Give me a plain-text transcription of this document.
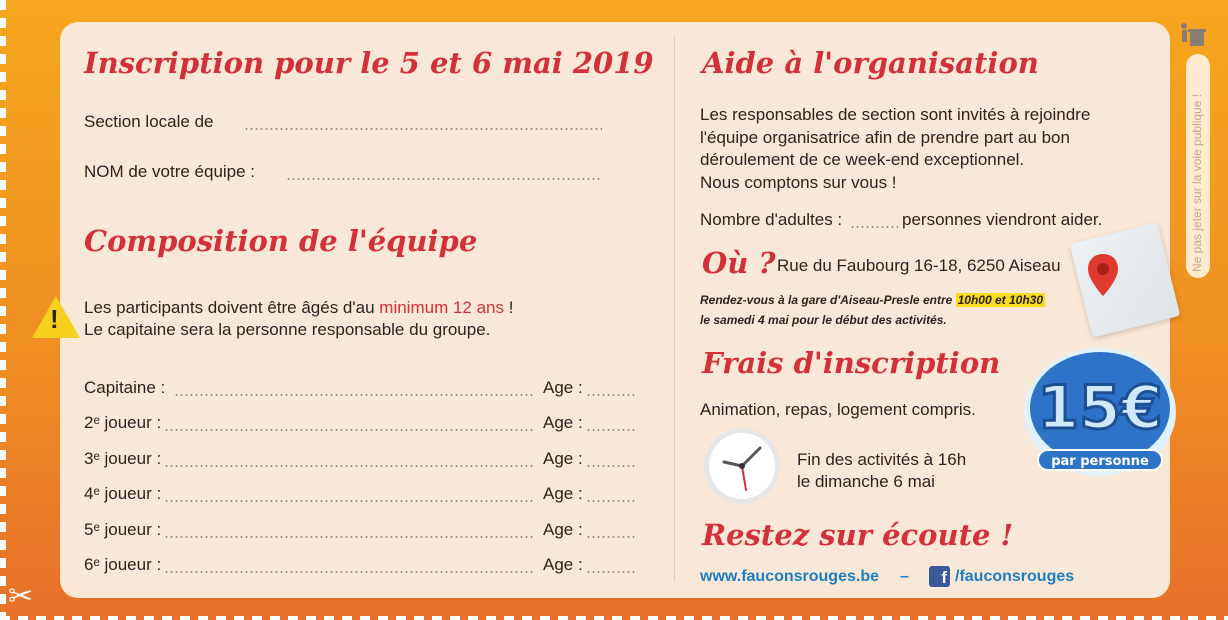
✂
Inscription pour le 5 et 6 mai 2019
Section locale de
NOM de votre équipe :
Composition de l'équipe
! Les participants doivent être âgés d'au minimum 12 ans !
Le capitaine sera la personne responsable du groupe.
Capitaine :	Age :
2ᵉ joueur :	Age :
3ᵉ joueur :	Age :
4ᵉ joueur :	Age :
5ᵉ joueur :	Age :
6ᵉ joueur :	Age :
Aide à l'organisation
Les responsables de section sont invités à rejoindre
l'équipe organisatrice afin de prendre part au bon
déroulement de ce week-end exceptionnel.
Nous comptons sur vous !
Nombre d'adultes :	personnes viendront aider.
Où ? Rue du Faubourg 16-18, 6250 Aiseau
Rendez-vous à la gare d'Aiseau-Presle entre 10h00 et 10h30
le samedi 4 mai pour le début des activités.
Frais d'inscription
Animation, repas, logement compris. 15€
par personne
Fin des activités à 16h
le dimanche 6 mai
Restez sur écoute !
www.fauconsrouges.be –	f /fauconsrouges
Ne pas jeter sur la voie publique !
